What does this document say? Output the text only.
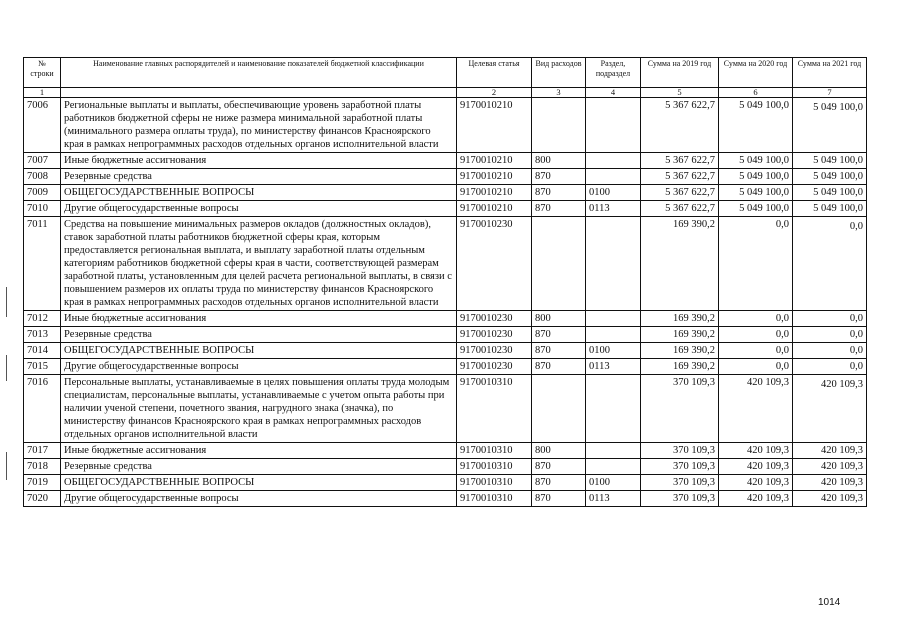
№ строки	Наименование главных распорядителей и наименование показателей бюджетной классификации	Целевая статья	Вид расходов	Раздел, подраздел	Сумма на 2019 год	Сумма на 2020 год	Сумма на 2021 год
1		2	3	4	5	6	7
7006	Региональные выплаты и выплаты, обеспечивающие уровень заработной платы работников бюджетной сферы не ниже размера минимальной заработной платы (минимального размера оплаты труда), по министерству финансов Красноярского края в рамках непрограммных расходов отдельных органов исполнительной власти	9170010210			5 367 622,7	5 049 100,0	5 049 100,0
7007	Иные бюджетные ассигнования	9170010210	800		5 367 622,7	5 049 100,0	5 049 100,0
7008	Резервные средства	9170010210	870		5 367 622,7	5 049 100,0	5 049 100,0
7009	ОБЩЕГОСУДАРСТВЕННЫЕ ВОПРОСЫ	9170010210	870	0100	5 367 622,7	5 049 100,0	5 049 100,0
7010	Другие общегосударственные вопросы	9170010210	870	0113	5 367 622,7	5 049 100,0	5 049 100,0
7011	Средства на повышение минимальных размеров окладов (должностных окладов), ставок заработной платы работников бюджетной сферы края, которым предоставляется региональная выплата, и выплату заработной платы отдельным категориям работников бюджетной сферы края в части, соответствующей размерам заработной платы, установленным для целей расчета региональной выплаты, в связи с повышением размеров их оплаты труда по министерству финансов Красноярского края в рамках непрограммных расходов отдельных органов исполнительной власти	9170010230			169 390,2	0,0	0,0
7012	Иные бюджетные ассигнования	9170010230	800		169 390,2	0,0	0,0
7013	Резервные средства	9170010230	870		169 390,2	0,0	0,0
7014	ОБЩЕГОСУДАРСТВЕННЫЕ ВОПРОСЫ	9170010230	870	0100	169 390,2	0,0	0,0
7015	Другие общегосударственные вопросы	9170010230	870	0113	169 390,2	0,0	0,0
7016	Персональные выплаты, устанавливаемые в целях повышения оплаты труда молодым специалистам, персональные выплаты, устанавливаемые с учетом опыта работы при наличии ученой степени, почетного звания, нагрудного знака (значка), по министерству финансов Красноярского края в рамках непрограммных расходов отдельных органов исполнительной власти	9170010310			370 109,3	420 109,3	420 109,3
7017	Иные бюджетные ассигнования	9170010310	800		370 109,3	420 109,3	420 109,3
7018	Резервные средства	9170010310	870		370 109,3	420 109,3	420 109,3
7019	ОБЩЕГОСУДАРСТВЕННЫЕ ВОПРОСЫ	9170010310	870	0100	370 109,3	420 109,3	420 109,3
7020	Другие общегосударственные вопросы	9170010310	870	0113	370 109,3	420 109,3	420 109,3
1014
